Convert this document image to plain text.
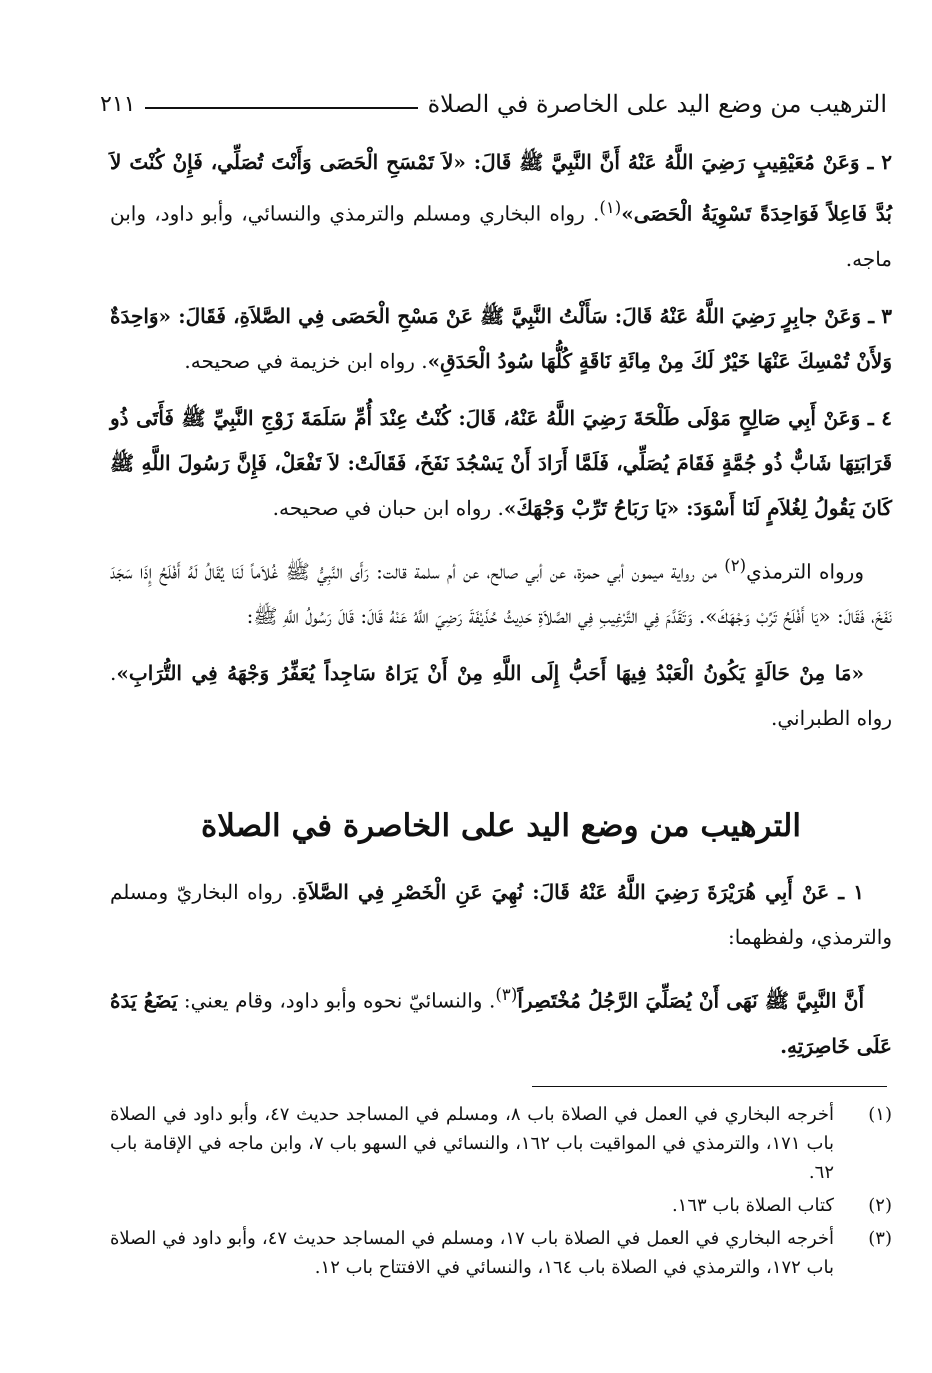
الترهيب من وضع اليد على الخاصرة في الصلاة
٢١١

٢ ـ وَعَنْ مُعَيْقِيبٍ رَضِيَ اللَّهُ عَنْهُ أَنَّ النَّبِيَّ ﷺ قَالَ: «لاَ تَمْسَحِ الْحَصَى وَأَنْتَ تُصَلِّي، فَإِنْ كُنْتَ لاَ بُدَّ فَاعِلاً فَوَاحِدَةً تَسْوِيَةُ الْحَصَى»$^{(١)}$. رواه البخاري ومسلم والترمذي والنسائي، وأبو داود، وابن ماجه.

٣ ـ وَعَنْ جابِرٍ رَضِيَ اللَّهُ عَنْهُ قَالَ: سَأَلْتُ النَّبِيَّ ﷺ عَنْ مَسْحِ الْحَصَى فِي الصَّلاَةِ، فَقَالَ: «وَاحِدَةٌ وَلأَنْ تُمْسِكَ عَنْهَا خَيْرٌ لَكَ مِنْ مِائَةِ نَاقَةٍ كُلُّهَا سُودُ الْحَدَقِ». رواه ابن خزيمة في صحيحه.

٤ ـ وَعَنْ أَبِي صَالِحٍ مَوْلَى طَلْحَةَ رَضِيَ اللَّهُ عَنْهُ، قَالَ: كُنْتُ عِنْدَ أُمِّ سَلَمَةَ زَوْجِ النَّبِيِّ ﷺ فَأَتَى ذُو قَرَابَتِهَا شَابٌّ ذُو جُمَّةٍ فَقَامَ يُصَلِّي، فَلَمَّا أَرَادَ أَنْ يَسْجُدَ نَفَخَ، فَقَالَتْ: لاَ تَفْعَلْ، فَإِنَّ رَسُولَ اللَّهِ ﷺ كَانَ يَقُولُ لِغُلاَمٍ لَنَا أَسْوَدَ: «يَا رَبَاحُ تَرِّبْ وَجْهَكَ». رواه ابن حبان في صحيحه.

ورواه الترمذي$^{(٢)}$ من رواية ميمون أبي حمزة، عن أبي صالح، عن أم سلمة قالت: رَأَى النَّبِيُّ ﷺ غُلاَماً لَنَا يُقَالُ لَهُ أَفْلَحُ إِذَا سَجَدَ نَفَخَ، فَقَالَ: «يَا أَفْلَحُ تَرِّبْ وَجْهَكَ». وَتَقَدَّمَ فِي التَّرْغِيبِ فِي الصَّلاَةِ حَدِيثُ حُذَيْفَةَ رَضِيَ اللَّهُ عَنْهُ قَالَ: قَالَ رَسُولُ اللَّهِ ﷺ:

«مَا مِنْ حَالَةٍ يَكُونُ الْعَبْدُ فِيهَا أَحَبُّ إِلَى اللَّهِ مِنْ أَنْ يَرَاهُ سَاجِداً يُعَفِّرُ وَجْهَهُ فِي التُّرَابِ». رواه الطبراني.

الترهيب من وضع اليد على الخاصرة في الصلاة

١ ـ عَنْ أَبِي هُرَيْرَةَ رَضِيَ اللَّهُ عَنْهُ قَالَ: نُهِيَ عَنِ الْخَصْرِ فِي الصَّلاَةِ. رواه البخاريّ ومسلم والترمذي، ولفظهما:

أَنَّ النَّبِيَّ ﷺ نَهَى أَنْ يُصَلِّيَ الرَّجُلُ مُخْتَصِراً$^{(٣)}$. والنسائيّ نحوه وأبو داود، وقام يعني: يَضَعُ يَدَهُ عَلَى خَاصِرَتِهِ.

(١)
أخرجه البخاري في العمل في الصلاة باب ٨، ومسلم في المساجد حديث ٤٧، وأبو داود في الصلاة باب ١٧١، والترمذي في المواقيت باب ١٦٢، والنسائي في السهو باب ٧، وابن ماجه في الإقامة باب ٦٢.
(٢)
كتاب الصلاة باب ١٦٣.
(٣)
أخرجه البخاري في العمل في الصلاة باب ١٧، ومسلم في المساجد حديث ٤٧، وأبو داود في الصلاة باب ١٧٢، والترمذي في الصلاة باب ١٦٤، والنسائي في الافتتاح باب ١٢.
